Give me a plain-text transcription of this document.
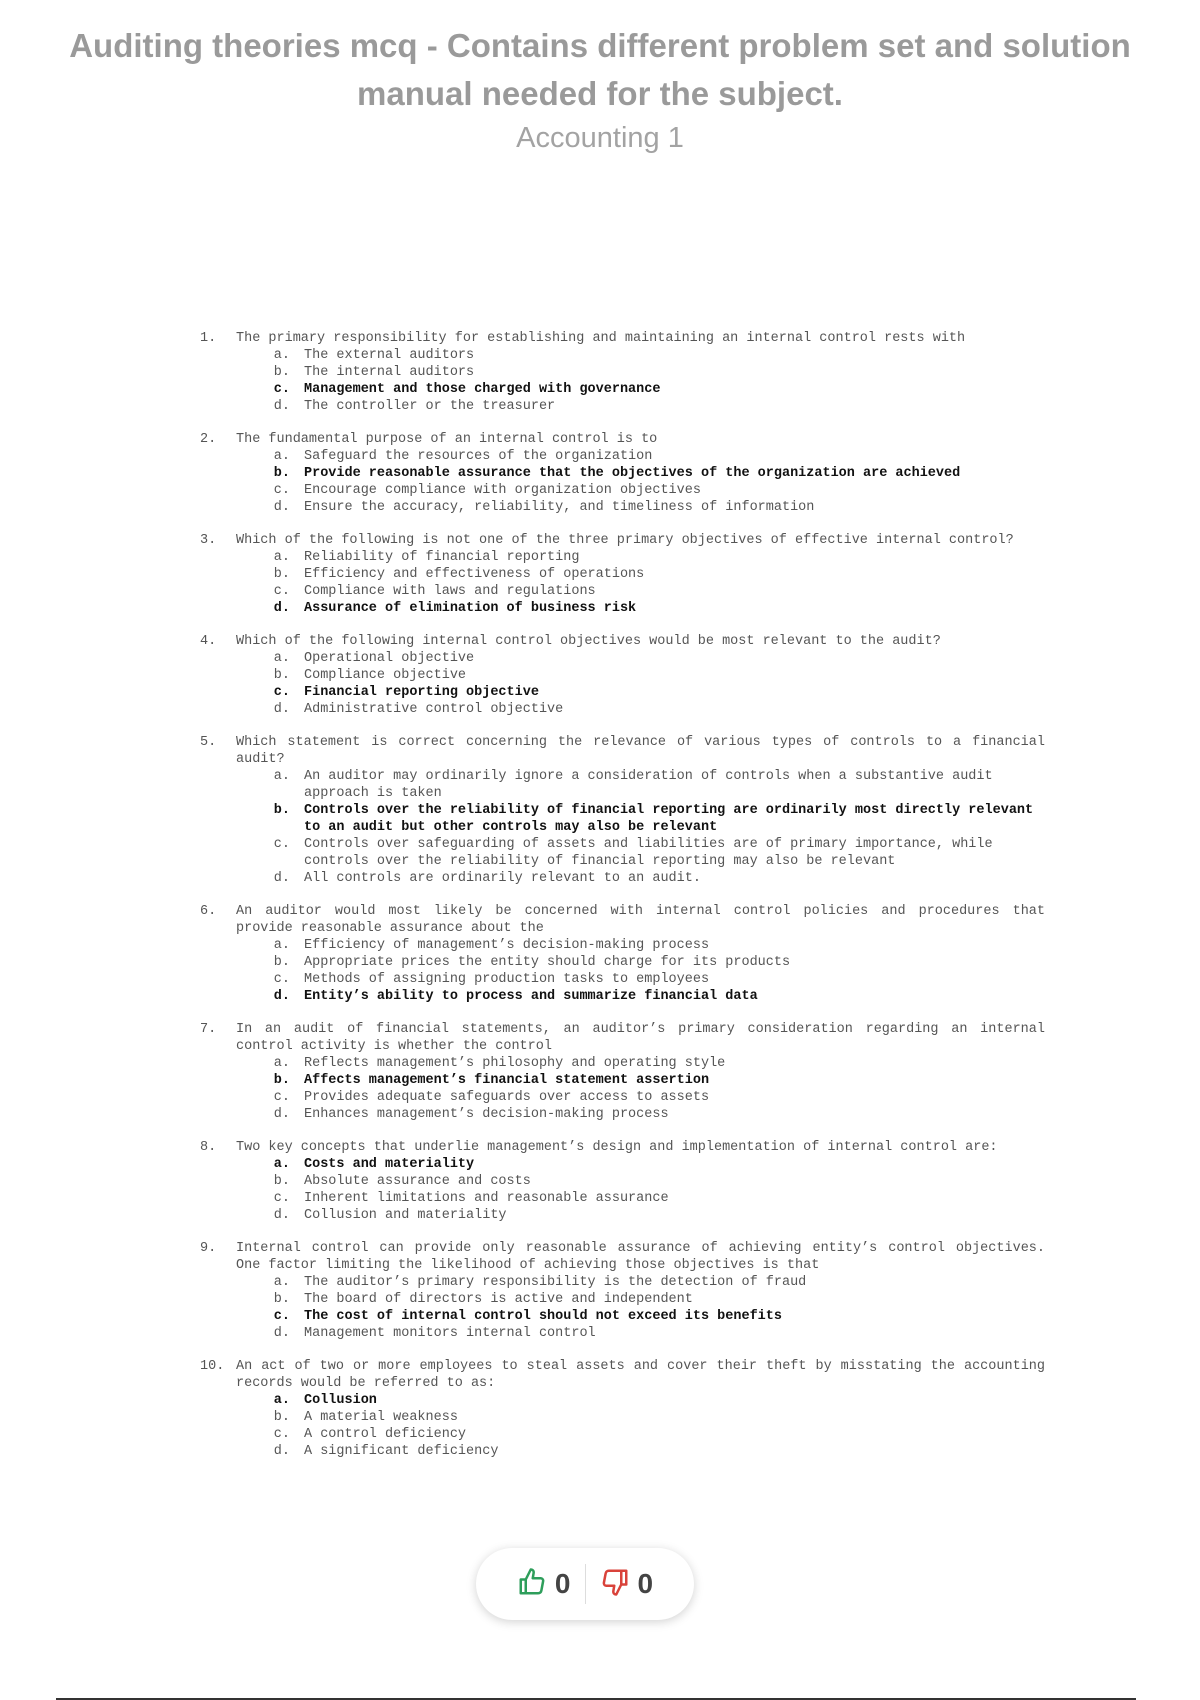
Auditing theories mcq - Contains different problem set and solution manual needed for the subject.
Accounting 1
1.	The primary responsibility for establishing and maintaining an internal control rests with
a.	The external auditors
b.	The internal auditors
c.	Management and those charged with governance
d.	The controller or the treasurer
2.	The fundamental purpose of an internal control is to
a.	Safeguard the resources of the organization
b.	Provide reasonable assurance that the objectives of the organization are achieved
c.	Encourage compliance with organization objectives
d.	Ensure the accuracy, reliability, and timeliness of information
3.	Which of the following is not one of the three primary objectives of effective internal control?
a.	Reliability of financial reporting
b.	Efficiency and effectiveness of operations
c.	Compliance with laws and regulations
d.	Assurance of elimination of business risk
4.	Which of the following internal control objectives would be most relevant to the audit?
a.	Operational objective
b.	Compliance objective
c.	Financial reporting objective
d.	Administrative control objective
5.	Which statement is correct concerning the relevance of various types of controls to a financial audit?
a.	An auditor may ordinarily ignore a consideration of controls when a substantive audit approach is taken
b.	Controls over the reliability of financial reporting are ordinarily most directly relevant to an audit but other controls may also be relevant
c.	Controls over safeguarding of assets and liabilities are of primary importance, while controls over the reliability of financial reporting may also be relevant
d.	All controls are ordinarily relevant to an audit.
6.	An auditor would most likely be concerned with internal control policies and procedures that provide reasonable assurance about the
a.	Efficiency of management’s decision-making process
b.	Appropriate prices the entity should charge for its products
c.	Methods of assigning production tasks to employees
d.	Entity’s ability to process and summarize financial data
7.	In an audit of financial statements, an auditor’s primary consideration regarding an internal control activity is whether the control
a.	Reflects management’s philosophy and operating style
b.	Affects management’s financial statement assertion
c.	Provides adequate safeguards over access to assets
d.	Enhances management’s decision-making process
8.	Two key concepts that underlie management’s design and implementation of internal control are:
a.	Costs and materiality
b.	Absolute assurance and costs
c.	Inherent limitations and reasonable assurance
d.	Collusion and materiality
9.	Internal control can provide only reasonable assurance of achieving entity’s control objectives. One factor limiting the likelihood of achieving those objectives is that
a.	The auditor’s primary responsibility is the detection of fraud
b.	The board of directors is active and independent
c.	The cost of internal control should not exceed its benefits
d.	Management monitors internal control
10. An act of two or more employees to steal assets and cover their theft by misstating the accounting records would be referred to as:
a.	Collusion
b.	A material weakness
c.	A control deficiency
d.	A significant deficiency
0 0
